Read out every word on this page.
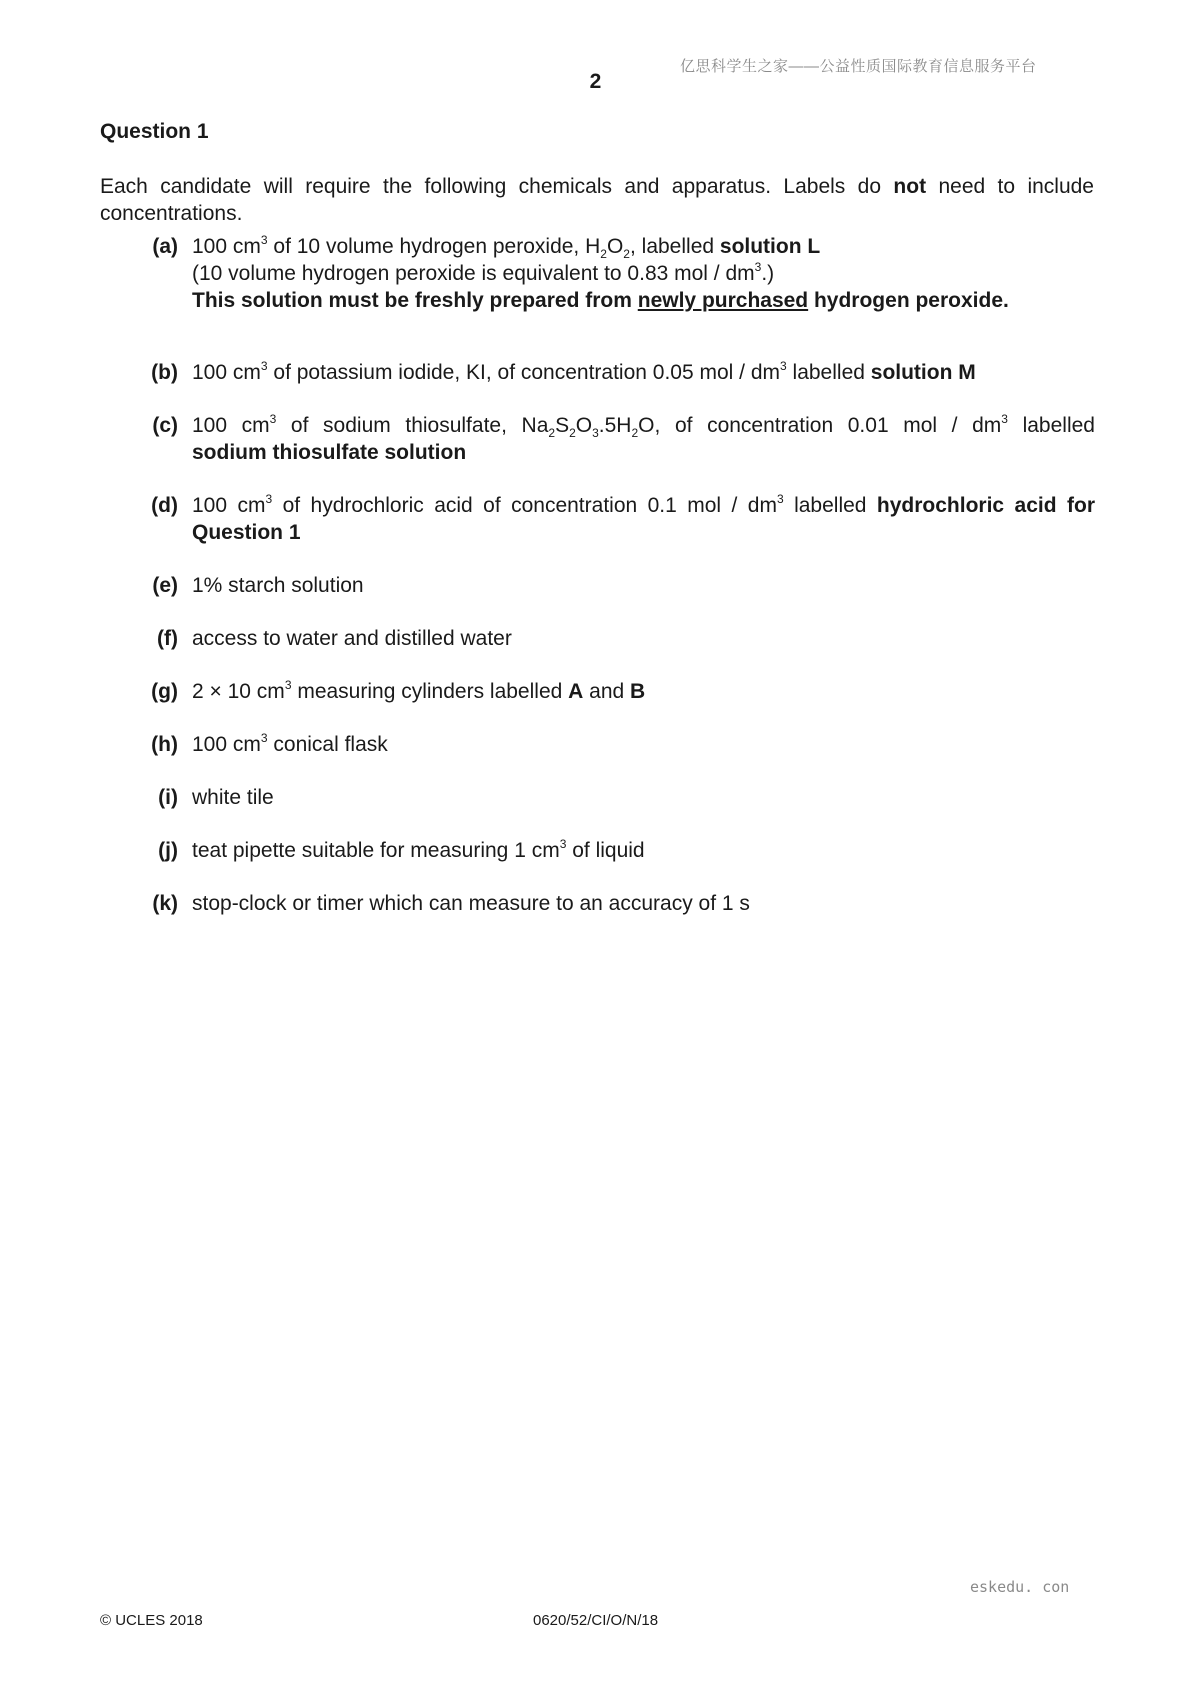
亿思科学生之家——公益性质国际教育信息服务平台
2
Question 1
Each candidate will require the following chemicals and apparatus. Labels do not need to include concentrations.
(a) 100 $cm^3$ of 10 volume hydrogen peroxide, $H_2O_2$, labelled solution L
(10 volume hydrogen peroxide is equivalent to 0.83 mol / $dm^3$.)
This solution must be freshly prepared from newly purchased hydrogen peroxide.
(b) 100 $cm^3$ of potassium iodide, KI, of concentration 0.05 mol / $dm^3$ labelled solution M
(c) 100 $cm^3$ of sodium thiosulfate, $Na_2S_2O_3.5H_2O$, of concentration 0.01 mol / $dm^3$ labelled
sodium thiosulfate solution
(d) 100 $cm^3$ of hydrochloric acid of concentration 0.1 mol / $dm^3$ labelled hydrochloric acid for Question 1
(e) 1% starch solution
(f) access to water and distilled water
(g) 2 × 10 $cm^3$ measuring cylinders labelled A and B
(h) 100 $cm^3$ conical flask
(i) white tile
(j) teat pipette suitable for measuring 1 $cm^3$ of liquid
(k) stop-clock or timer which can measure to an accuracy of 1 s
eskedu. con
© UCLES 2018	0620/52/CI/O/N/18
